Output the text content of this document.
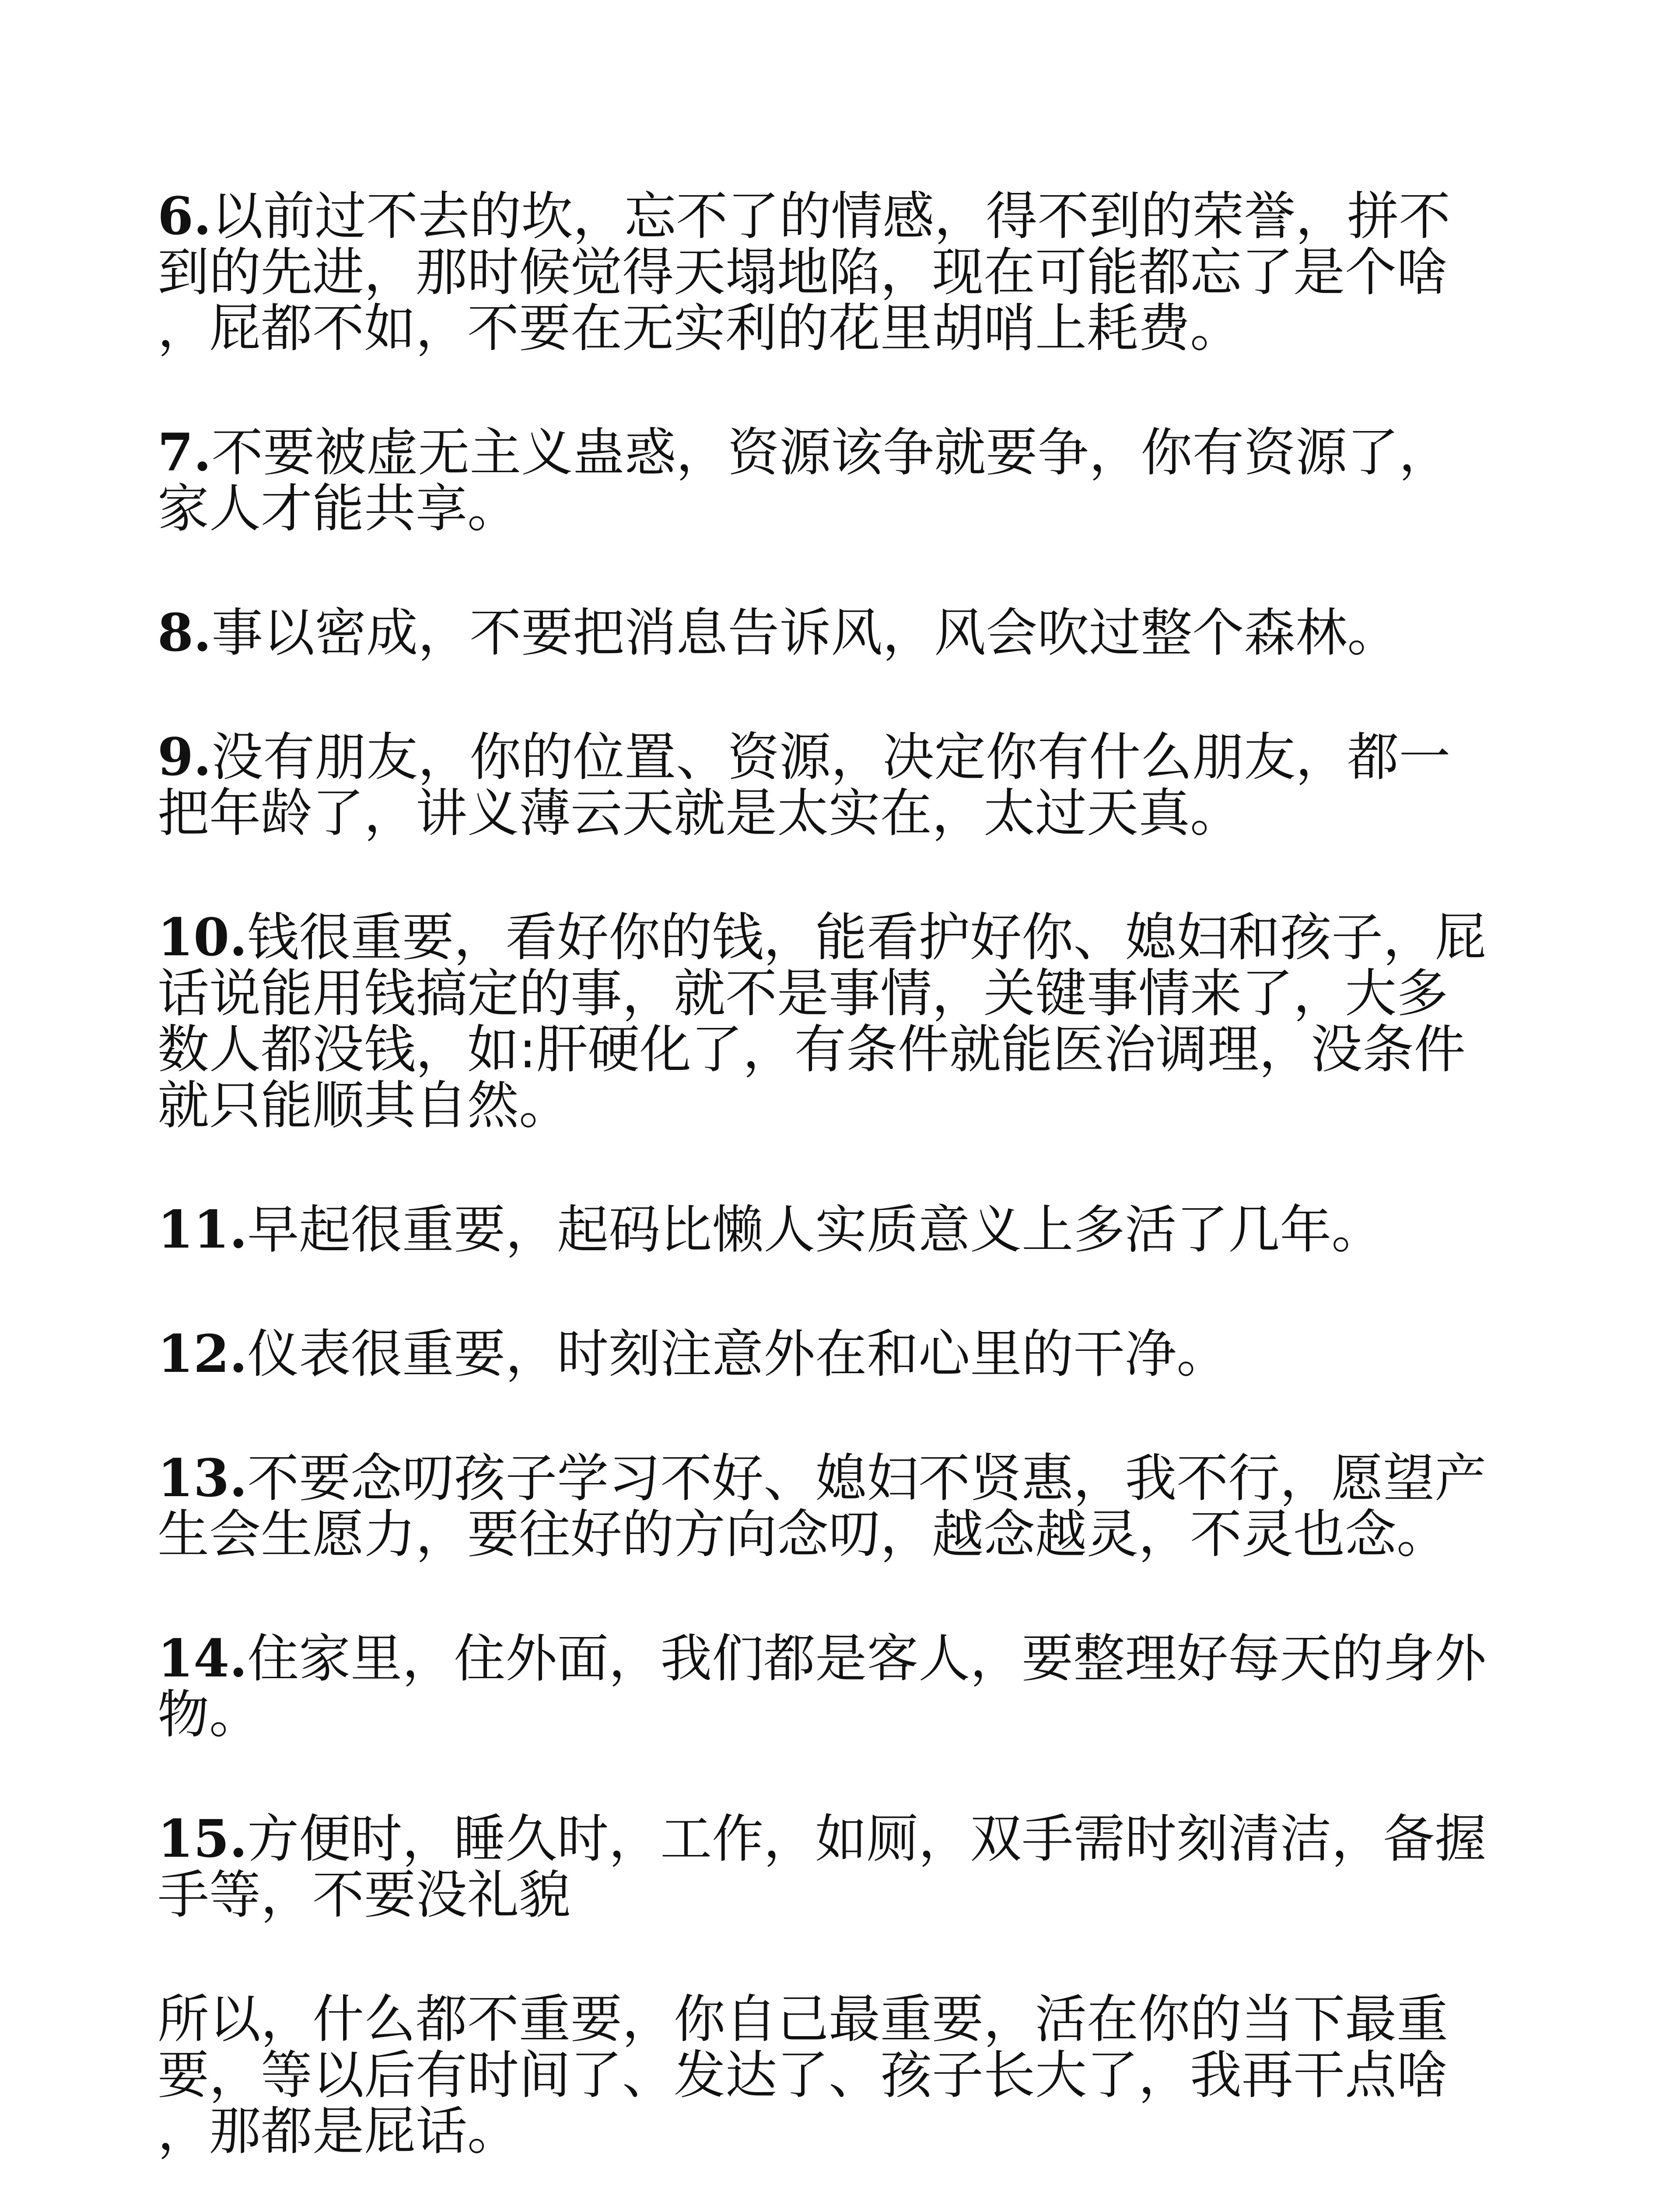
6.以前过不去的坎，忘不了的情感，得不到的荣誉，拼不
到的先进，那时候觉得天塌地陷，现在可能都忘了是个啥
，屁都不如，不要在无实利的花里胡哨上耗费。
7.不要被虚无主义蛊惑，资源该争就要争，你有资源了，
家人才能共享。
8.事以密成，不要把消息告诉风，风会吹过整个森林。
9.没有朋友，你的位置、资源，决定你有什么朋友，都一
把年龄了，讲义薄云天就是太实在，太过天真。
10.钱很重要，看好你的钱，能看护好你、媳妇和孩子，屁
话说能用钱搞定的事，就不是事情，关键事情来了，大多
数人都没钱，如:肝硬化了，有条件就能医治调理，没条件
就只能顺其自然。
11.早起很重要，起码比懒人实质意义上多活了几年。
12.仪表很重要，时刻注意外在和心里的干净。
13.不要念叨孩子学习不好、媳妇不贤惠，我不行，愿望产
生会生愿力，要往好的方向念叨，越念越灵，不灵也念。
14.住家里，住外面，我们都是客人，要整理好每天的身外
物。
15.方便时，睡久时，工作，如厕，双手需时刻清洁，备握
手等，不要没礼貌
所以，什么都不重要，你自己最重要，活在你的当下最重
要，等以后有时间了、发达了、孩子长大了，我再干点啥
，那都是屁话。
